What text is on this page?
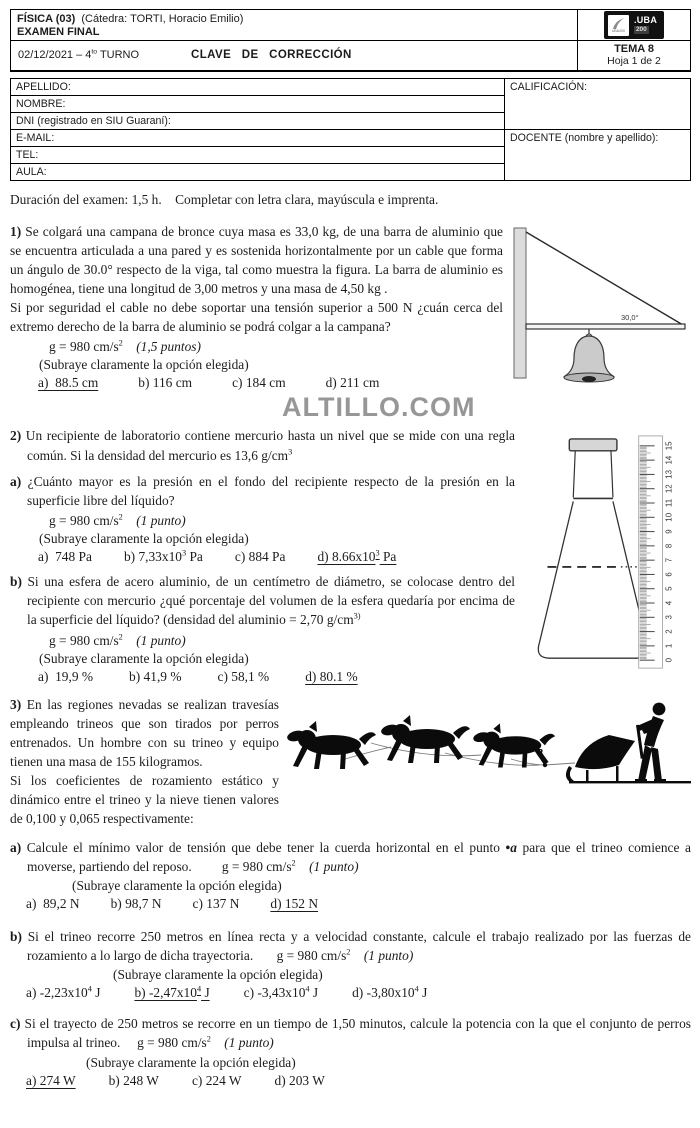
FÍSICA (03)  (Cátedra: TORTI, Horacio Emilio)
EXAMEN FINAL	UBA200
.UBA
200

$02/12/2021 - 4^{to}$ TURNO	CLAVE DE CORRECCIÓN	TEMA 8
Hoja 1 de 2
APELLIDO:	CALIFICACIÓN:
NOMBRE:	
DNI (registrado en SIU Guaraní):	
E-MAIL:	DOCENTE (nombre y apellido):
TEL:	
AULA:	
Duración del examen: 1,5 h.    Completar con letra clara, mayúscula e imprenta.
30,0°

1) Se colgará una campana de bronce cuya masa es 33,0 kg, de una barra de aluminio que se encuentra articulada a una pared y es sostenida horizontalmente por un cable que forma un ángulo de 30.0° respecto de la viga, tal como muestra la figura. La barra de aluminio es homogénea, tiene una longitud de 3,00 metros y una masa de 4,50 kg .

Si por seguridad el cable no debe soportar una tensión superior a 500 N ¿cuán cerca del extremo derecho de la barra de aluminio se podrá colgar a la campana?

g = 980 $cm/s^2$ (1,5 puntos)
(Subraye claramente la opción elegida)
a)  88.5 cm	b) 116 cm	c) 184 cm	d) 211 cm
ALTILLO.COM
0
1
2
3
4
5
6
7
8
9
10
11
12
13
14
15

2) Un recipiente de laboratorio contiene mercurio hasta un nivel que se mide con una regla común. Si la densidad del mercurio es 13,6 $g/cm^3$

a) ¿Cuánto mayor es la presión en el fondo del recipiente respecto de la presión en la superficie libre del líquido?

g = 980 $cm/s^2$ (1 punto)
(Subraye claramente la opción elegida)
a)  748 Pa b) $7,33x10^3$ Pa c) 884 Pa d) $8.66x10^3$ Pa

b) Si una esfera de acero aluminio, de un centímetro de diámetro, se colocase dentro del recipiente con mercurio ¿qué porcentaje del volumen de la esfera quedaría por encima de la superficie del líquido? (densidad del aluminio = 2,70 $g/cm^{3)}$

g = 980 $cm/s^2$ (1 punto)
(Subraye claramente la opción elegida)
a)  19,9 %	b) 41,9 %	c) 58,1 %	d) 80.1 %
a

3) En las regiones nevadas se realizan travesías empleando trineos que son tirados por perros entrenados. Un hombre con su trineo y equipo tienen una masa de 155 kilogramos.

Si los coeficientes de rozamiento estático y dinámico entre el trineo y la nieve tienen valores de 0,100 y 0,065 respectivamente:

a) Calcule el mínimo valor de tensión que debe tener la cuerda horizontal en el punto •a para que el trineo comience a moverse, partiendo del reposo.         g = 980 $cm/s^2$ (1 punto)

(Subraye claramente la opción elegida)
a)  89,2 N b) 98,7 N c) 137 N d) 152 N

b) Si el trineo recorre 250 metros en línea recta y a velocidad constante, calcule el trabajo realizado por las fuerzas de rozamiento a lo largo de dicha trayectoria.       g = 980 $cm/s^2$ (1 punto)

(Subraye claramente la opción elegida)
a) $-2,23x10^4$ J	b) $-2,47x10^4$ J	c) $-3,43x10^4$ J	d) $-3,80x10^4$ J

c) Si el trayecto de 250 metros se recorre en un tiempo de 1,50 minutos, calcule la potencia con la que el conjunto de perros impulsa al trineo.     g = 980 $cm/s^2$ (1 punto)

(Subraye claramente la opción elegida)
a) 274 W b) 248 W c) 224 W d) 203 W
